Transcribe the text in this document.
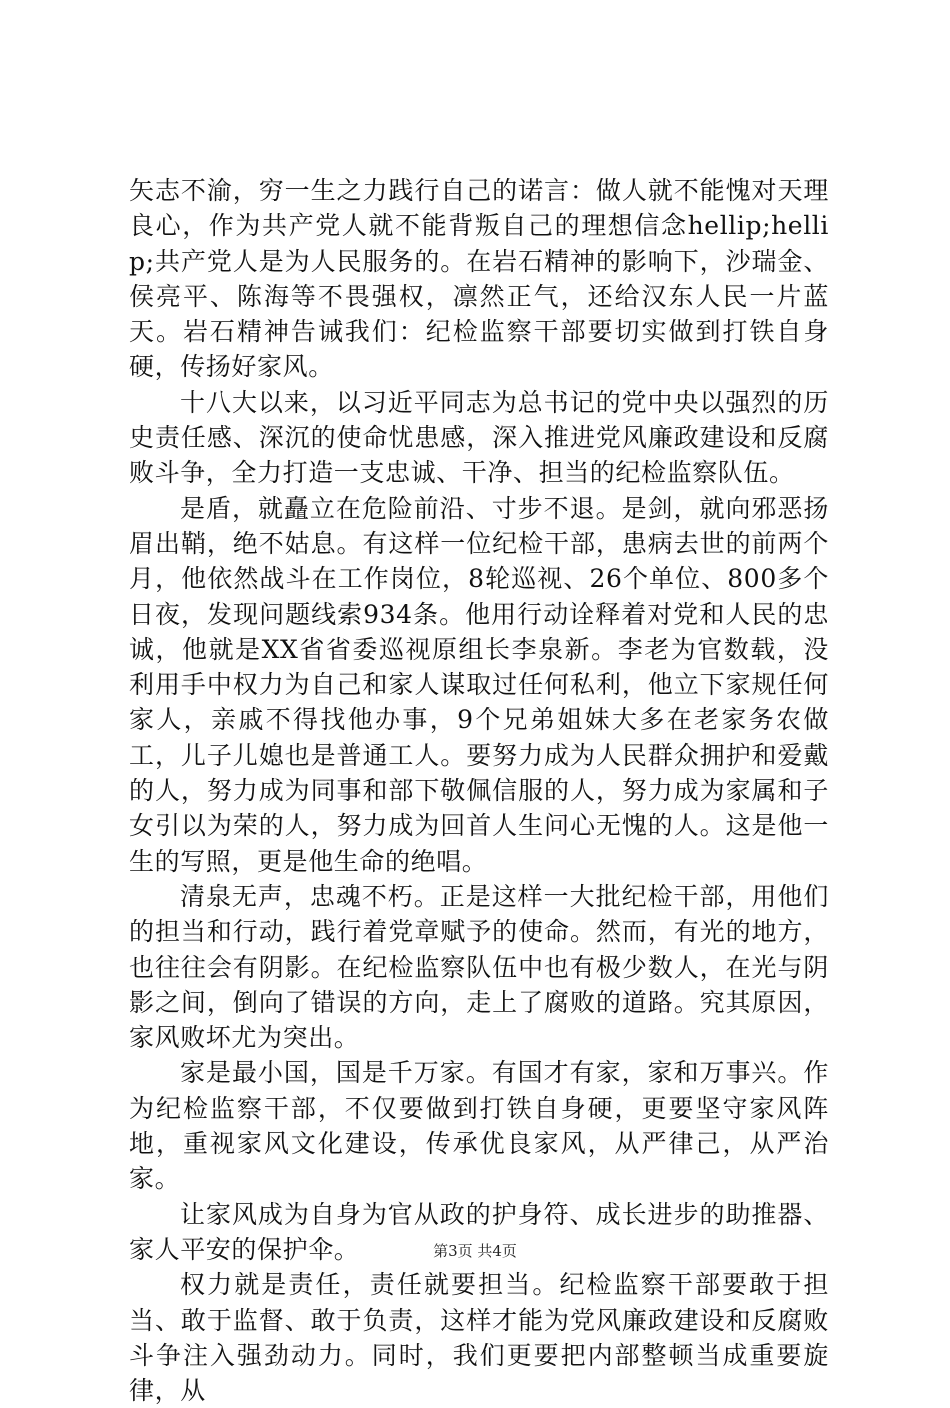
矢志不渝，穷一生之力践行自己的诺言：做人就不能愧对天理良心，作为共产党人就不能背叛自己的理想信念hellip;hellip;共产党人是为人民服务的。在岩石精神的影响下，沙瑞金、侯亮平、陈海等不畏强权，凛然正气，还给汉东人民一片蓝天。岩石精神告诫我们：纪检监察干部要切实做到打铁自身硬，传扬好家风。

十八大以来，以习近平同志为总书记的党中央以强烈的历史责任感、深沉的使命忧患感，深入推进党风廉政建设和反腐败斗争，全力打造一支忠诚、干净、担当的纪检监察队伍。

是盾，就矗立在危险前沿、寸步不退。是剑，就向邪恶扬眉出鞘，绝不姑息。有这样一位纪检干部，患病去世的前两个月，他依然战斗在工作岗位，8轮巡视、26个单位、800多个日夜，发现问题线索934条。他用行动诠释着对党和人民的忠诚，他就是XX省省委巡视原组长李泉新。李老为官数载，没利用手中权力为自己和家人谋取过任何私利，他立下家规任何家人，亲戚不得找他办事，9个兄弟姐妹大多在老家务农做工，儿子儿媳也是普通工人。要努力成为人民群众拥护和爱戴的人，努力成为同事和部下敬佩信服的人，努力成为家属和子女引以为荣的人，努力成为回首人生问心无愧的人。这是他一生的写照，更是他生命的绝唱。

清泉无声，忠魂不朽。正是这样一大批纪检干部，用他们的担当和行动，践行着党章赋予的使命。然而，有光的地方，也往往会有阴影。在纪检监察队伍中也有极少数人，在光与阴影之间，倒向了错误的方向，走上了腐败的道路。究其原因，家风败坏尤为突出。

家是最小国，国是千万家。有国才有家，家和万事兴。作为纪检监察干部，不仅要做到打铁自身硬，更要坚守家风阵地，重视家风文化建设，传承优良家风，从严律己，从严治家。

让家风成为自身为官从政的护身符、成长进步的助推器、家人平安的保护伞。

权力就是责任，责任就要担当。纪检监察干部要敢于担当、敢于监督、敢于负责，这样才能为党风廉政建设和反腐败斗争注入强劲动力。同时，我们更要把内部整顿当成重要旋律，从

第3页 共4页
